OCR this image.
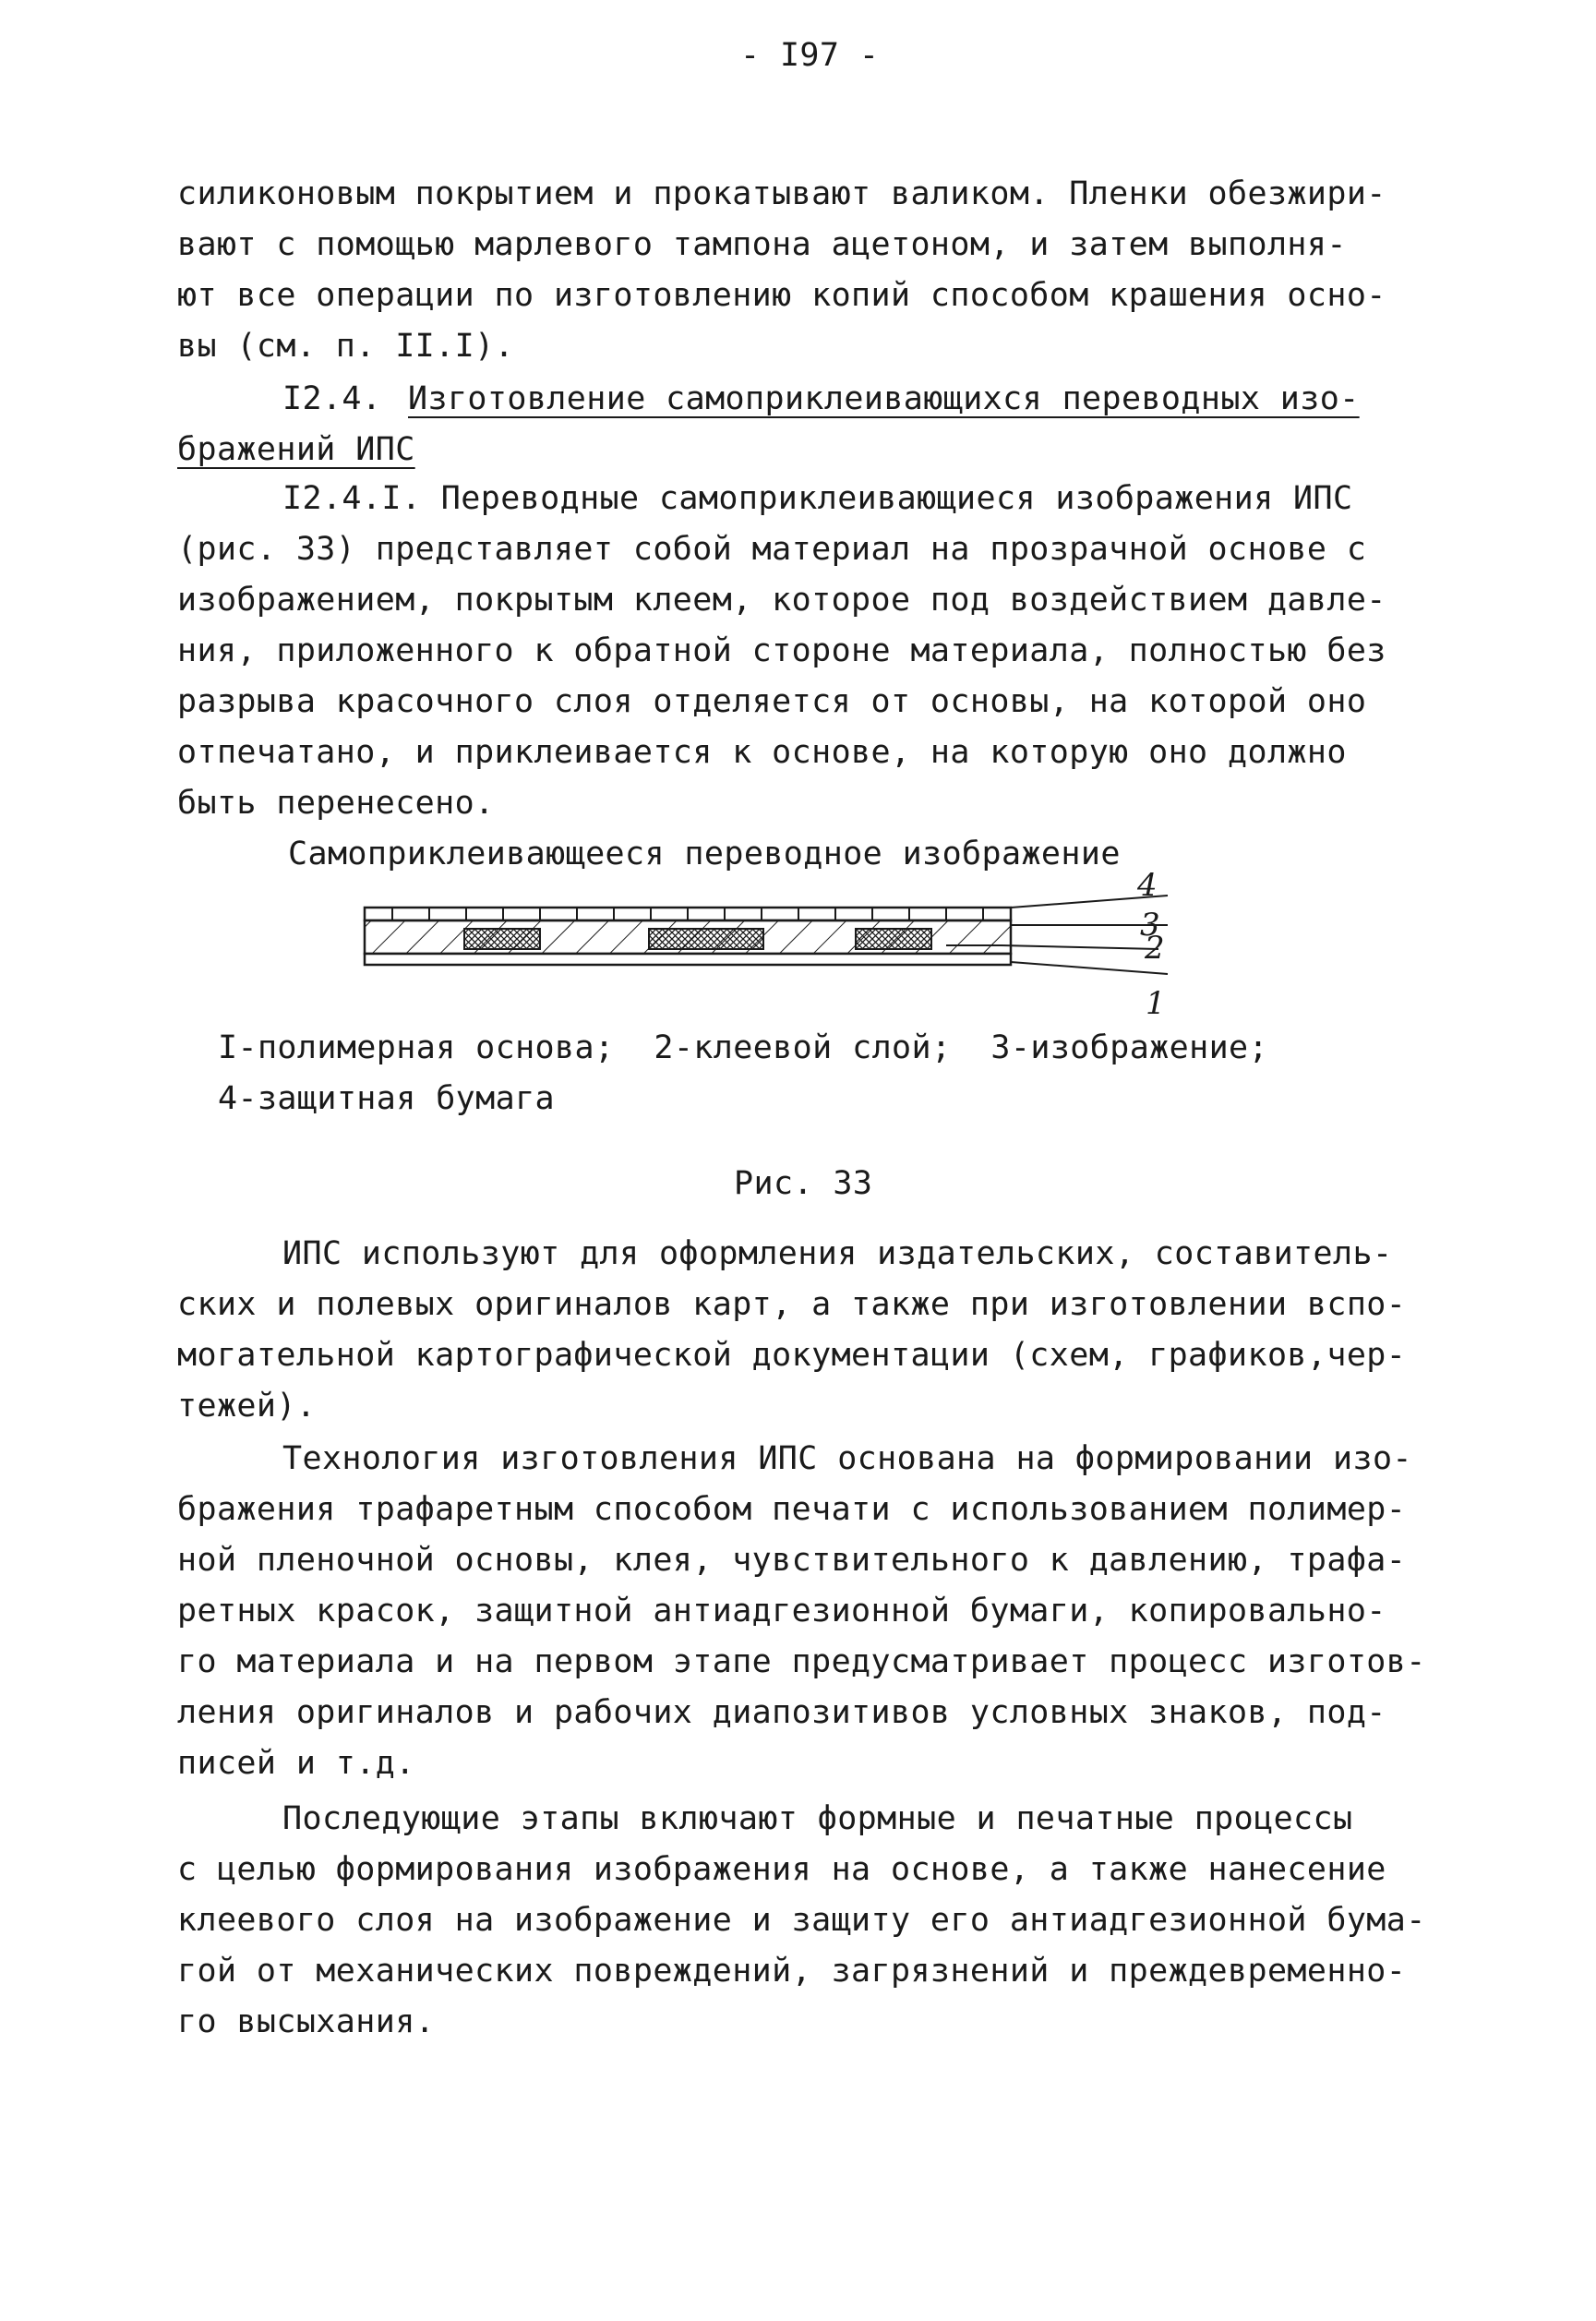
- I97 -
силиконовым покрытием и прокатывают валиком. Пленки обезжири-
вают с помощью марлевого тампона ацетоном, и затем выполня-
ют все операции по изготовлению копий способом крашения осно-
вы (см. п. II.I).
I2.4. Изготовление самоприклеивающихся переводных изо-
бражений ИПС
I2.4.I. Переводные самоприклеивающиеся изображения ИПС
(рис. 33) представляет собой материал на прозрачной основе с
изображением, покрытым клеем, которое под воздействием давле-
ния, приложенного к обратной стороне материала, полностью без
разрыва красочного слоя отделяется от основы, на которой оно
отпечатано, и приклеивается к основе, на которую оно должно
быть перенесено.
Самоприклеивающееся переводное изображение
4
3
2
1
I-полимерная основа;  2-клеевой слой;  3-изображение;
4-защитная бумага
Рис. 33
ИПС используют для оформления издательских, составитель-
ских и полевых оригиналов карт, а также при изготовлении вспо-
могательной картографической документации (схем, графиков,чер-
тежей).
Технология изготовления ИПС основана на формировании изо-
бражения трафаретным способом печати с использованием полимер-
ной пленочной основы, клея, чувствительного к давлению, трафа-
ретных красок, защитной антиадгезионной бумаги, копировально-
го материала и на первом этапе предусматривает процесс изготов-
ления оригиналов и рабочих диапозитивов условных знаков, под-
писей и т.д.
Последующие этапы включают формные и печатные процессы
с целью формирования изображения на основе, а также нанесение
клеевого слоя на изображение и защиту его антиадгезионной бума-
гой от механических повреждений, загрязнений и преждевременно-
го высыхания.
